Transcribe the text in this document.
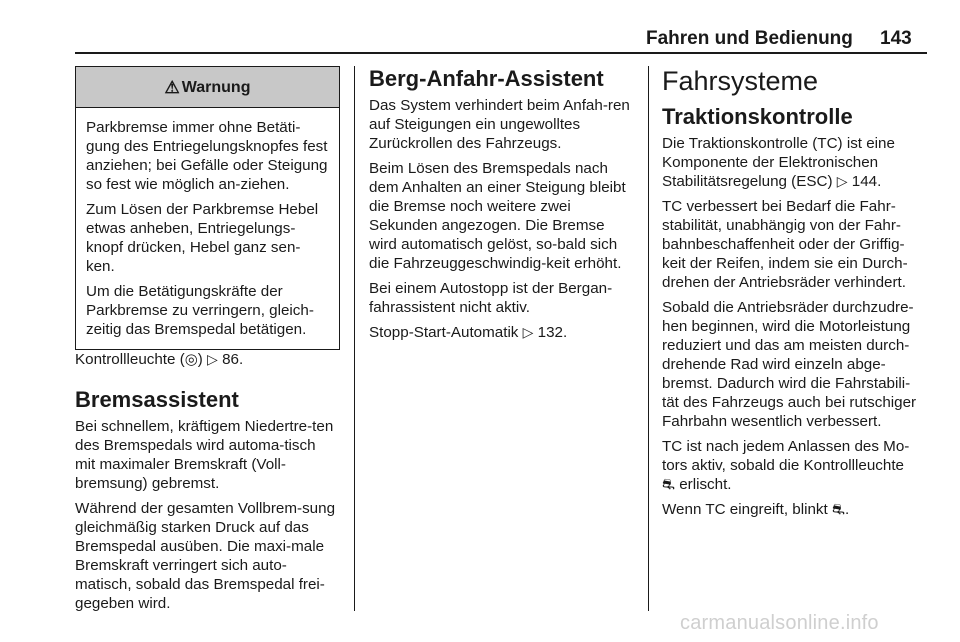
Fahren und Bedienung 143
⚠ Warnung

Parkbremse immer ohne Betäti-gung des Entriegelungsknopfes fest anziehen; bei Gefälle oder Steigung so fest wie möglich an-ziehen.

Zum Lösen der Parkbremse Hebel etwas anheben, Entriegelungs-knopf drücken, Hebel ganz sen-ken.

Um die Betätigungskräfte der Parkbremse zu verringern, gleich-zeitig das Bremspedal betätigen.

Kontrollleuchte (◎) ▷ 86.

Bremsassistent

Bei schnellem, kräftigem Niedertre-ten des Bremspedals wird automa-tisch mit maximaler Bremskraft (Voll-bremsung) gebremst.

Während der gesamten Vollbrem-sung gleichmäßig starken Druck auf das Bremspedal ausüben. Die maxi-male Bremskraft verringert sich auto-matisch, sobald das Bremspedal frei-gegeben wird.

Berg-Anfahr-Assistent

Das System verhindert beim Anfah-ren auf Steigungen ein ungewolltes Zurückrollen des Fahrzeugs.

Beim Lösen des Bremspedals nach dem Anhalten an einer Steigung bleibt die Bremse noch weitere zwei Sekunden angezogen. Die Bremse wird automatisch gelöst, so-bald sich die Fahrzeuggeschwindig-keit erhöht.

Bei einem Autostopp ist der Bergan-fahrassistent nicht aktiv.

Stopp-Start-Automatik ▷ 132.

Fahrsysteme
Traktionskontrolle

Die Traktionskontrolle (TC) ist eine Komponente der Elektronischen Stabilitätsregelung (ESC) ▷ 144.

TC verbessert bei Bedarf die Fahr-stabilität, unabhängig von der Fahr-bahnbeschaffenheit oder der Griffig-keit der Reifen, indem sie ein Durch-drehen der Antriebsräder verhindert.

Sobald die Antriebsräder durchzudre-hen beginnen, wird die Motorleistung reduziert und das am meisten durch-drehende Rad wird einzeln abge-bremst. Dadurch wird die Fahrstabili-tät des Fahrzeugs auch bei rutschiger Fahrbahn wesentlich verbessert.

TC ist nach jedem Anlassen des Mo-tors aktiv, sobald die Kontrollleuchte
⛐ erlischt.

Wenn TC eingreift, blinkt ⛐.

carmanualsonline.info
